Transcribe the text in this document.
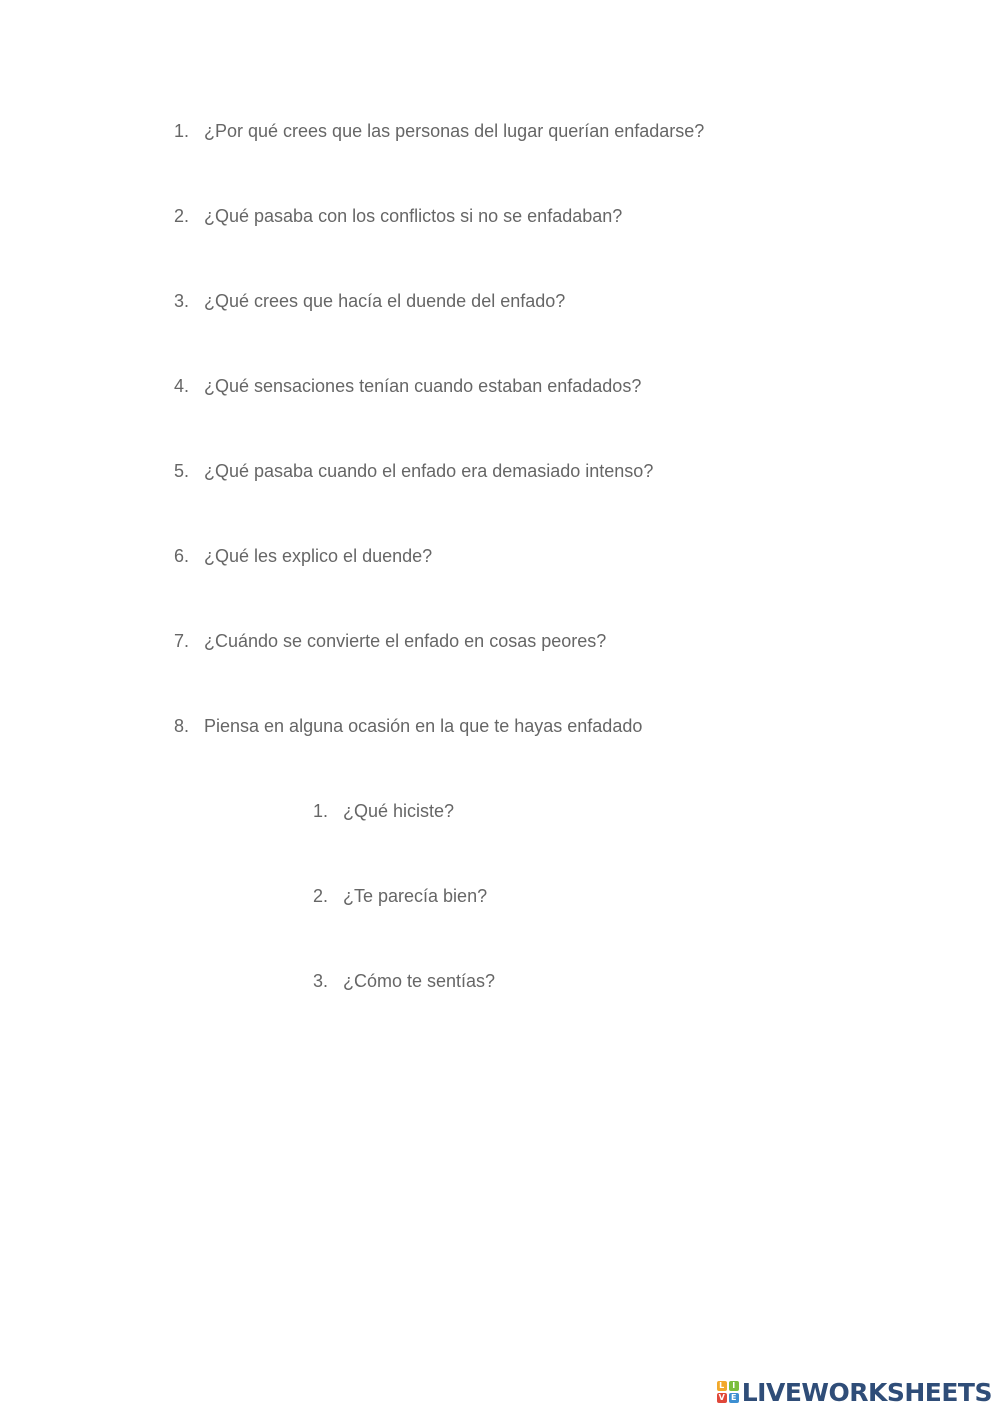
1. ¿Por qué crees que las personas del lugar querían enfadarse?
2. ¿Qué pasaba con los conflictos si no se enfadaban?
3. ¿Qué crees que hacía el duende del enfado?
4. ¿Qué sensaciones tenían cuando estaban enfadados?
5. ¿Qué pasaba cuando el enfado era demasiado intenso?
6. ¿Qué les explico el duende?
7. ¿Cuándo se convierte el enfado en cosas peores?
8. Piensa en alguna ocasión en la que te hayas enfadado
1. ¿Qué hiciste?
2. ¿Te parecía bien?
3. ¿Cómo te sentías?
L I
V E LIVEWORKSHEETS
